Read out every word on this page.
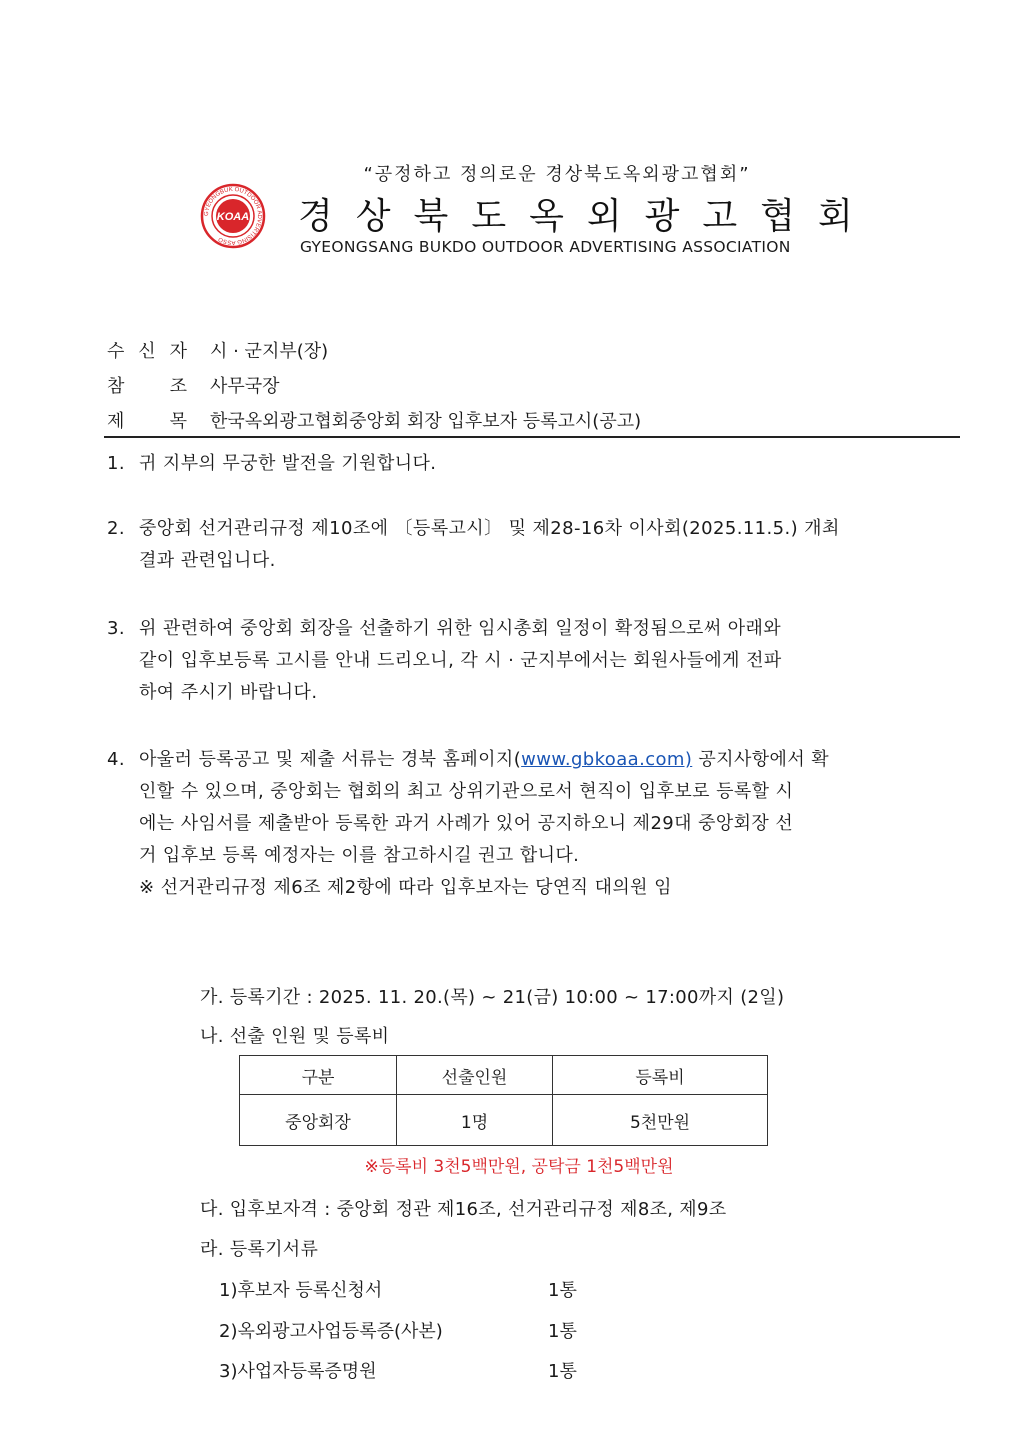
“공정하고 정의로운 경상북도옥외광고협회”
GYEONGBUK OUTDOOR ADVERTISING ASSO
KOAA 경상북도옥외광고협회
GYEONGSANG BUKDO OUTDOOR ADVERTISING ASSOCIATION
수 신 자 시 · 군지부(장)
참	조 사무국장
제	목 한국옥외광고협회중앙회 회장 입후보자 등록고시(공고)
1. 귀 지부의 무궁한 발전을 기원합니다.
2. 중앙회 선거관리규정 제10조에 〔등록고시〕 및 제28-16차 이사회(2025.11.5.) 개최
결과 관련입니다.
3. 위 관련하여 중앙회 회장을 선출하기 위한 임시총회 일정이 확정됨으로써 아래와
같이 입후보등록 고시를 안내 드리오니, 각 시 · 군지부에서는 회원사들에게 전파
하여 주시기 바랍니다.
4. 아울러 등록공고 및 제출 서류는 경북 홈페이지(www.gbkoaa.com) 공지사항에서 확
인할 수 있으며, 중앙회는 협회의 최고 상위기관으로서 현직이 입후보로 등록할 시
에는 사임서를 제출받아 등록한 과거 사례가 있어 공지하오니 제29대 중앙회장 선
거 입후보 등록 예정자는 이를 참고하시길 권고 합니다.
※ 선거관리규정 제6조 제2항에 따라 입후보자는 당연직 대의원 임
가. 등록기간 : 2025. 11. 20.(목) ~ 21(금) 10:00 ~ 17:00까지 (2일)
나. 선출 인원 및 등록비
구분	선출인원	등록비
중앙회장	1명	5천만원
※등록비 3천5백만원, 공탁금 1천5백만원
다. 입후보자격 : 중앙회 정관 제16조, 선거관리규정 제8조, 제9조
라. 등록기서류
1)후보자 등록신청서	1통
2)옥외광고사업등록증(사본)	1통
3)사업자등록증명원	1통
